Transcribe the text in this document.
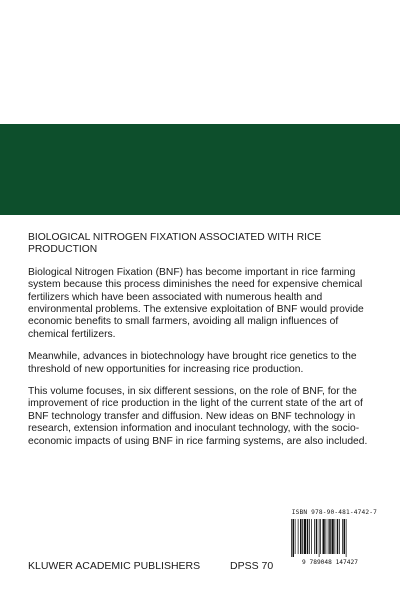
BIOLOGICAL NITROGEN FIXATION ASSOCIATED WITH RICE PRODUCTION

Biological Nitrogen Fixation (BNF) has become important in rice farming system because this process diminishes the need for expensive chemical fertilizers which have been associated with numerous health and environmental problems. The extensive exploitation of BNF would provide economic benefits to small farmers, avoiding all malign influences of chemical fertilizers.

Meanwhile, advances in biotechnology have brought rice genetics to the threshold of new opportunities for increasing rice production.

This volume focuses, in six different sessions, on the role of BNF, for the improvement of rice production in the light of the current state of the art of BNF technology transfer and diffusion. New ideas on BNF technology in research, extension information and inoculant technology, with the socio-economic impacts of using BNF in rice farming systems, are also included.

ISBN 978-90-481-4742-7
9 789048 147427
KLUWER ACADEMIC PUBLISHERS	DPSS 70
